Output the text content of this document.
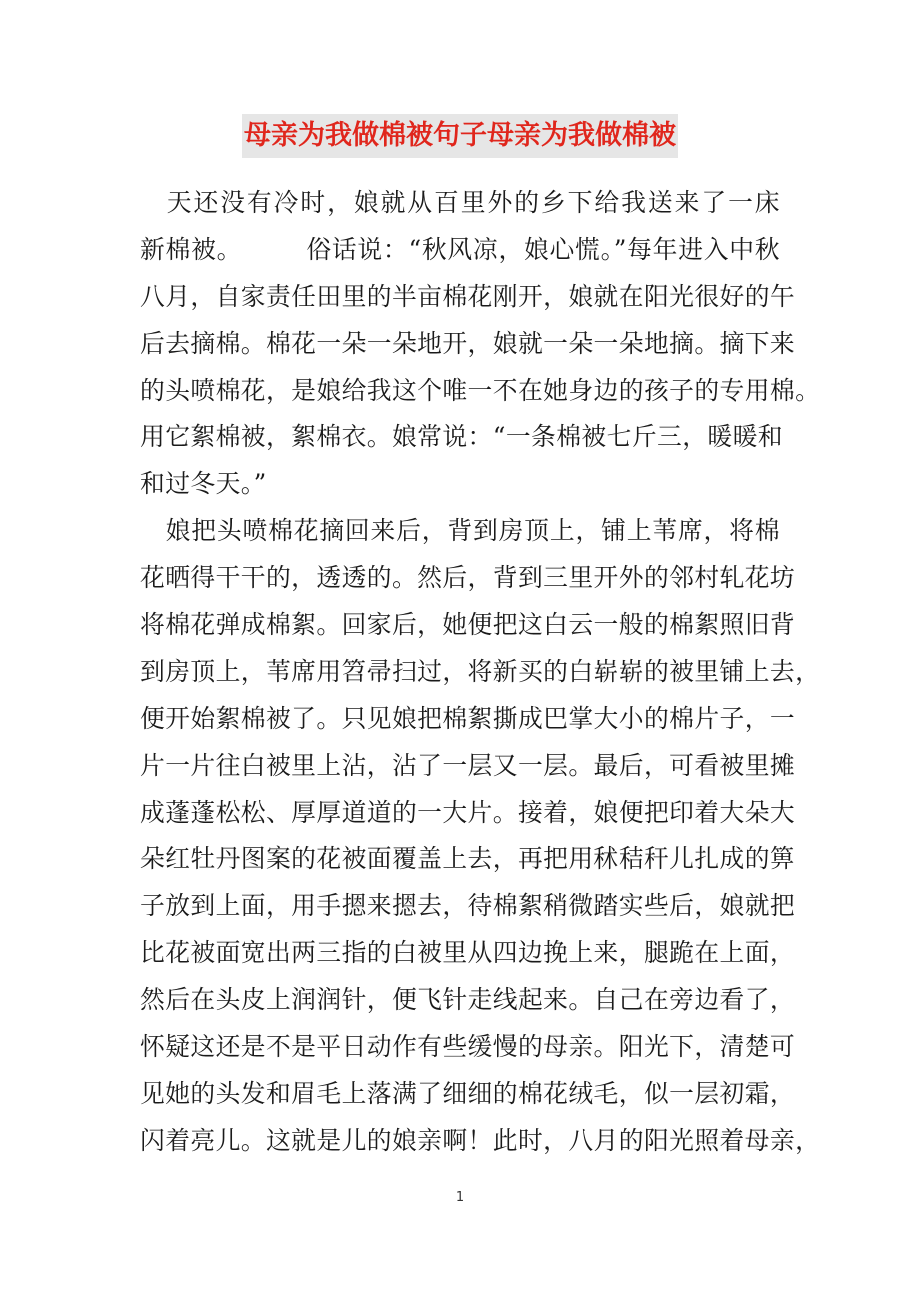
母亲为我做棉被句子母亲为我做棉被
　天还没有冷时，娘就从百里外的乡下给我送来了一床
新棉被。　　　俗话说：“秋风凉，娘心慌。”每年进入中秋
八月，自家责任田里的半亩棉花刚开，娘就在阳光很好的午
后去摘棉。棉花一朵一朵地开，娘就一朵一朵地摘。摘下来
的头喷棉花，是娘给我这个唯一不在她身边的孩子的专用棉。
用它絮棉被，絮棉衣。娘常说：“一条棉被七斤三，暖暖和
和过冬天。”
　娘把头喷棉花摘回来后，背到房顶上，铺上苇席，将棉
花晒得干干的，透透的。然后，背到三里开外的邻村轧花坊
将棉花弹成棉絮。回家后，她便把这白云一般的棉絮照旧背
到房顶上，苇席用笤帚扫过，将新买的白崭崭的被里铺上去，
便开始絮棉被了。只见娘把棉絮撕成巴掌大小的棉片子，一
片一片往白被里上沾，沾了一层又一层。最后，可看被里摊
成蓬蓬松松、厚厚道道的一大片。接着，娘便把印着大朵大
朵红牡丹图案的花被面覆盖上去，再把用秫秸秆儿扎成的箅
子放到上面，用手摁来摁去，待棉絮稍微踏实些后，娘就把
比花被面宽出两三指的白被里从四边挽上来，腿跪在上面，
然后在头皮上润润针，便飞针走线起来。自己在旁边看了，
怀疑这还是不是平日动作有些缓慢的母亲。阳光下，清楚可
见她的头发和眉毛上落满了细细的棉花绒毛，似一层初霜，
闪着亮儿。这就是儿的娘亲啊！此时，八月的阳光照着母亲，
1
